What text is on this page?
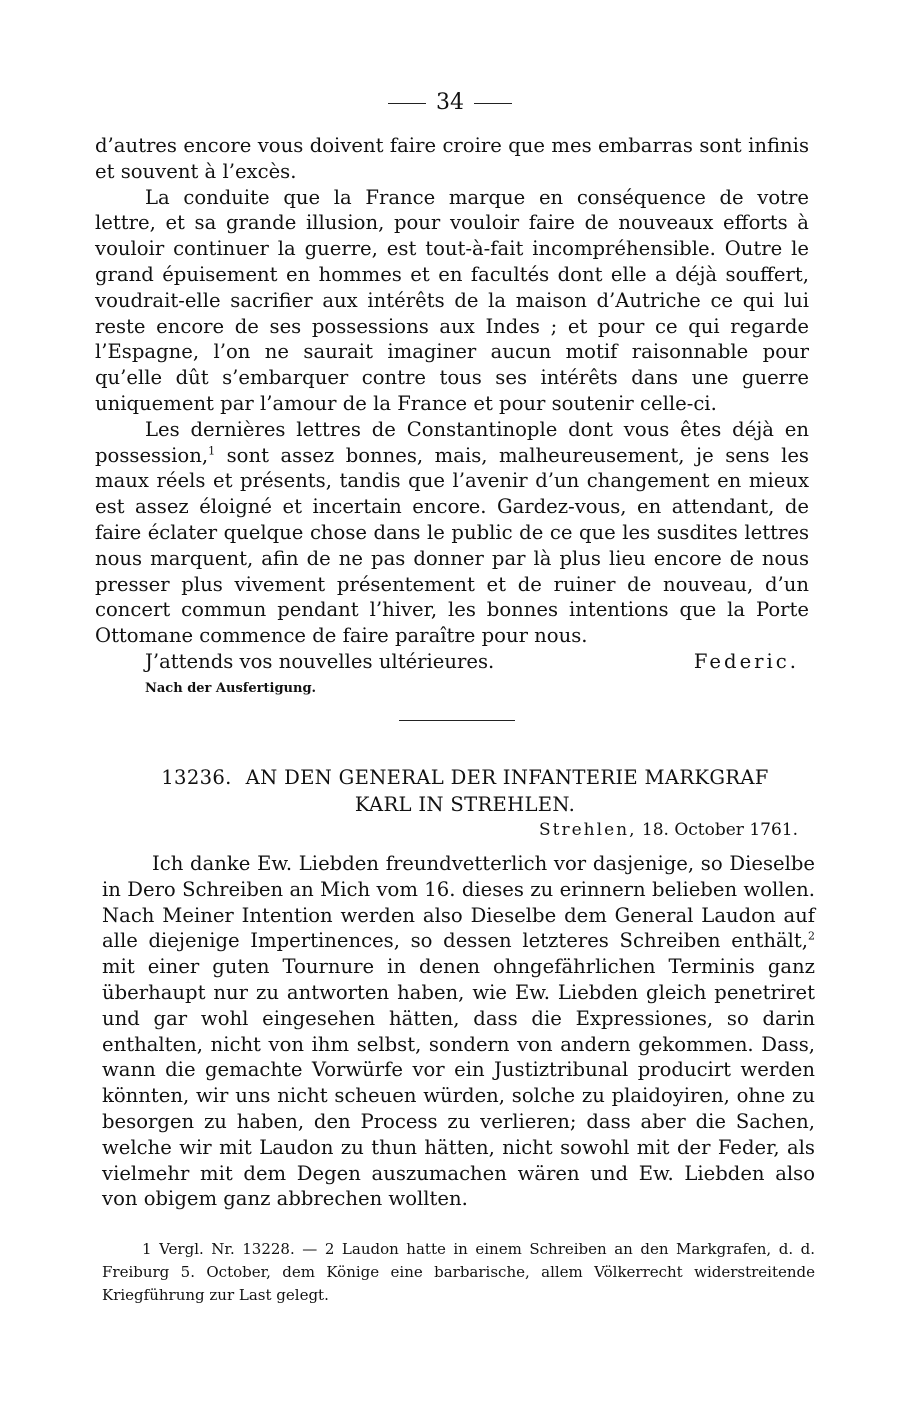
34

d’autres encore vous doivent faire croire que mes embarras sont infinis et souvent à l’excès.

La conduite que la France marque en conséquence de votre lettre, et sa grande illusion, pour vouloir faire de nouveaux efforts à vouloir continuer la guerre, est tout-à-fait incompréhensible. Outre le grand épuisement en hommes et en facultés dont elle a déjà souffert, voudrait-elle sacrifier aux intérêts de la maison d’Autriche ce qui lui reste encore de ses possessions aux Indes ; et pour ce qui regarde l’Espagne, l’on ne saurait imaginer aucun motif raisonnable pour qu’elle dût s’embarquer contre tous ses intérêts dans une guerre uniquement par l’amour de la France et pour soutenir celle-ci.

Les dernières lettres de Constantinople dont vous êtes déjà en possession,$^1$ sont assez bonnes, mais, malheureusement, je sens les maux réels et présents, tandis que l’avenir d’un changement en mieux est assez éloigné et incertain encore. Gardez-vous, en attendant, de faire éclater quelque chose dans le public de ce que les susdites lettres nous marquent, afin de ne pas donner par là plus lieu encore de nous presser plus vivement présentement et de ruiner de nouveau, d’un concert commun pendant l’hiver, les bonnes intentions que la Porte Ottomane commence de faire paraître pour nous.

J’attends vos nouvelles ultérieures.	Federic.
Nach der Ausfertigung.
13236. AN DEN GENERAL DER INFANTERIE MARKGRAF
KARL IN STREHLEN.
Strehlen, 18. October 1761.

Ich danke Ew. Liebden freundvetterlich vor dasjenige, so Dieselbe in Dero Schreiben an Mich vom 16. dieses zu erinnern belieben wollen. Nach Meiner Intention werden also Dieselbe dem General Laudon auf alle diejenige Impertinences, so dessen letzteres Schreiben enthält,$^2$ mit einer guten Tournure in denen ohngefährlichen Terminis ganz überhaupt nur zu antworten haben, wie Ew. Liebden gleich penetriret und gar wohl eingesehen hätten, dass die Expressiones, so darin enthalten, nicht von ihm selbst, sondern von andern gekommen. Dass, wann die gemachte Vorwürfe vor ein Justiztribunal producirt werden könnten, wir uns nicht scheuen würden, solche zu plaidoyiren, ohne zu besorgen zu haben, den Process zu verlieren; dass aber die Sachen, welche wir mit Laudon zu thun hätten, nicht sowohl mit der Feder, als vielmehr mit dem Degen auszumachen wären und Ew. Liebden also von obigem ganz abbrechen wollten.

1 Vergl. Nr. 13228. — 2 Laudon hatte in einem Schreiben an den Markgrafen, d. d. Freiburg 5. October, dem Könige eine barbarische, allem Völkerrecht widerstreitende Kriegführung zur Last gelegt.
